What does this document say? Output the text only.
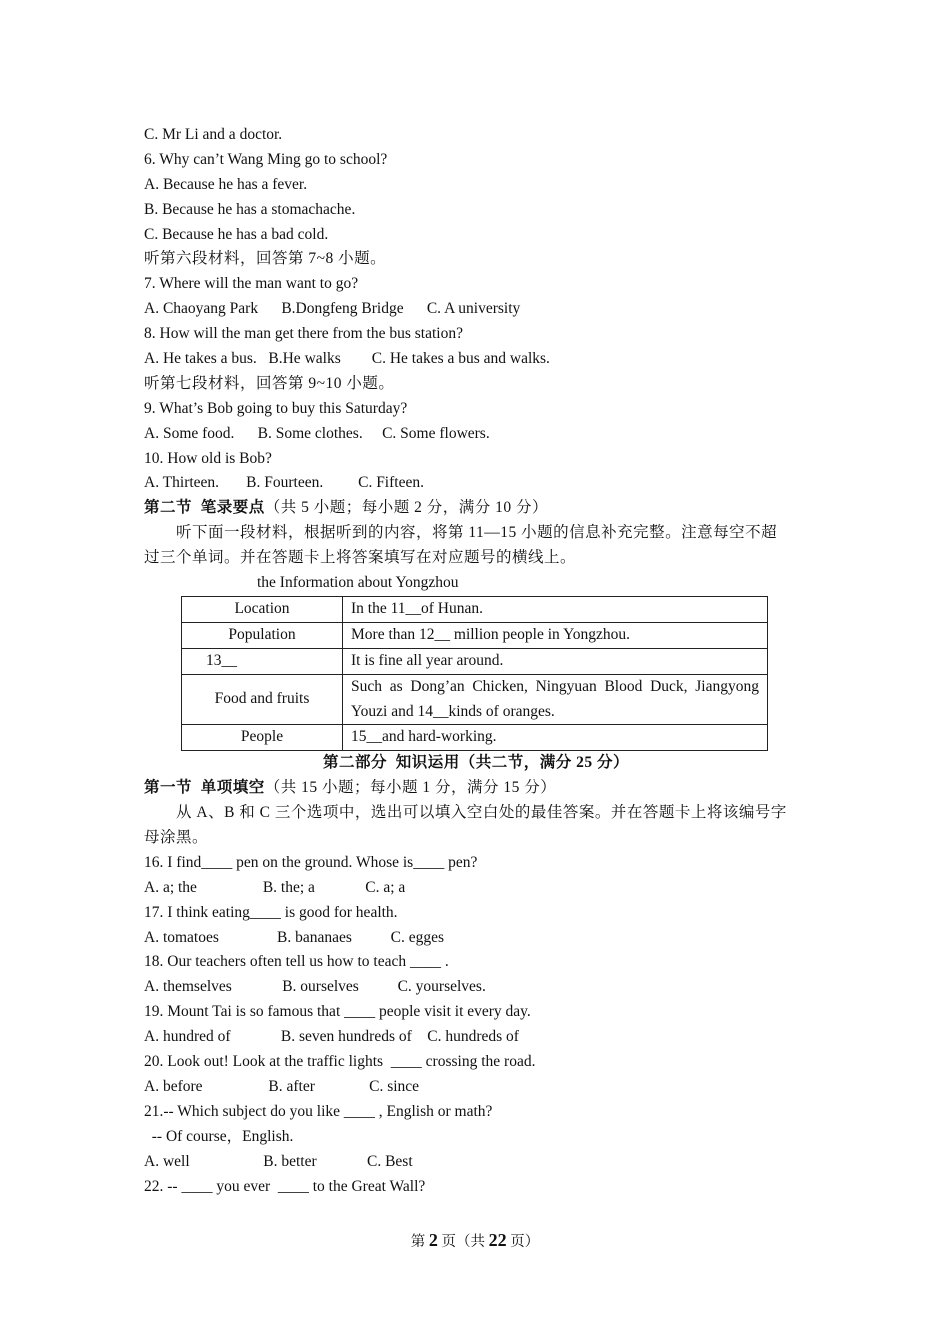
C. Mr Li and a doctor.
6. Why can’t Wang Ming go to school?
A. Because he has a fever.
B. Because he has a stomachache.
C. Because he has a bad cold.
听第六段材料，回答第 7~8 小题。
7. Where will the man want to go?
A. Chaoyang Park      B.Dongfeng Bridge      C. A university
8. How will the man get there from the bus station?
A. He takes a bus.   B.He walks        C. He takes a bus and walks.
听第七段材料，回答第 9~10 小题。
9. What’s Bob going to buy this Saturday?
A. Some food.      B. Some clothes.     C. Some flowers.
10. How old is Bob?
A. Thirteen.       B. Fourteen.         C. Fifteen.
第二节  笔录要点（共 5 小题；每小题 2 分，满分 10 分）
听下面一段材料，根据听到的内容，将第 11—15 小题的信息补充完整。注意每空不超
过三个单词。并在答题卡上将答案填写在对应题号的横线上。
the Information about Yongzhou
Location	In the 11__of Hunan.
Population	More than 12__ million people in Yongzhou.
13__	It is fine all year around.
Food and fruits	Such as Dong’an Chicken, Ningyuan Blood Duck, Jiangyong Youzi and 14__kinds of oranges.
People	15__and hard-working.
第二部分  知识运用（共二节，满分 25 分）
第一节  单项填空（共 15 小题；每小题 1 分，满分 15 分）
从 A、B 和 C 三个选项中，选出可以填入空白处的最佳答案。并在答题卡上将该编号字
母涂黑。
16. I find____ pen on the ground. Whose is____ pen?
A. a; the                 B. the; a             C. a; a
17. I think eating____ is good for health.
A. tomatoes               B. bananaes          C. egges
18. Our teachers often tell us how to teach ____ .
A. themselves             B. ourselves          C. yourselves.
19. Mount Tai is so famous that ____ people visit it every day.
A. hundred of             B. seven hundreds of    C. hundreds of
20. Look out! Look at the traffic lights  ____ crossing the road.
A. before                 B. after              C. since
21.-- Which subject do you like ____ , English or math?
-- Of course，English.
A. well                   B. better             C. Best
22. -- ____ you ever  ____ to the Great Wall?
第 2 页（共 22 页）
